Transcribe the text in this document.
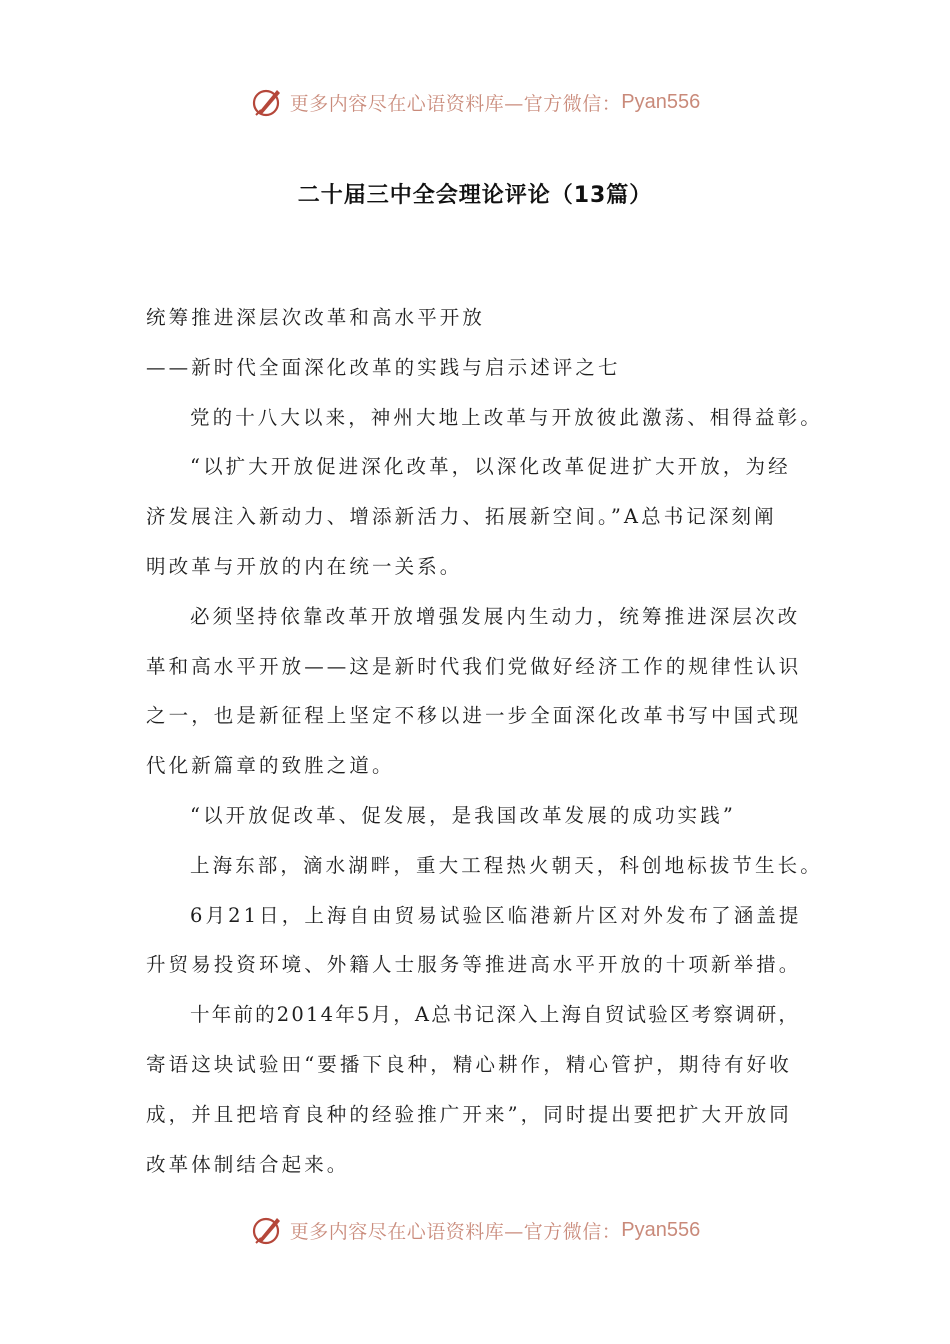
更多内容尽在心语资料库—官方微信： Pyan556
二十届三中全会理论评论（13篇）
统筹推进深层次改革和高水平开放
——新时代全面深化改革的实践与启示述评之七
党的十八大以来，神州大地上改革与开放彼此激荡、相得益彰。
“以扩大开放促进深化改革，以深化改革促进扩大开放，为经
济发展注入新动力、增添新活力、拓展新空间。”A总书记深刻阐
明改革与开放的内在统一关系。
必须坚持依靠改革开放增强发展内生动力，统筹推进深层次改
革和高水平开放——这是新时代我们党做好经济工作的规律性认识
之一，也是新征程上坚定不移以进一步全面深化改革书写中国式现
代化新篇章的致胜之道。
“以开放促改革、促发展，是我国改革发展的成功实践”
上海东部，滴水湖畔，重大工程热火朝天，科创地标拔节生长。
6月21日，上海自由贸易试验区临港新片区对外发布了涵盖提
升贸易投资环境、外籍人士服务等推进高水平开放的十项新举措。
十年前的2014年5月，A总书记深入上海自贸试验区考察调研，
寄语这块试验田“要播下良种，精心耕作，精心管护，期待有好收
成，并且把培育良种的经验推广开来”，同时提出要把扩大开放同
改革体制结合起来。
更多内容尽在心语资料库—官方微信： Pyan556
